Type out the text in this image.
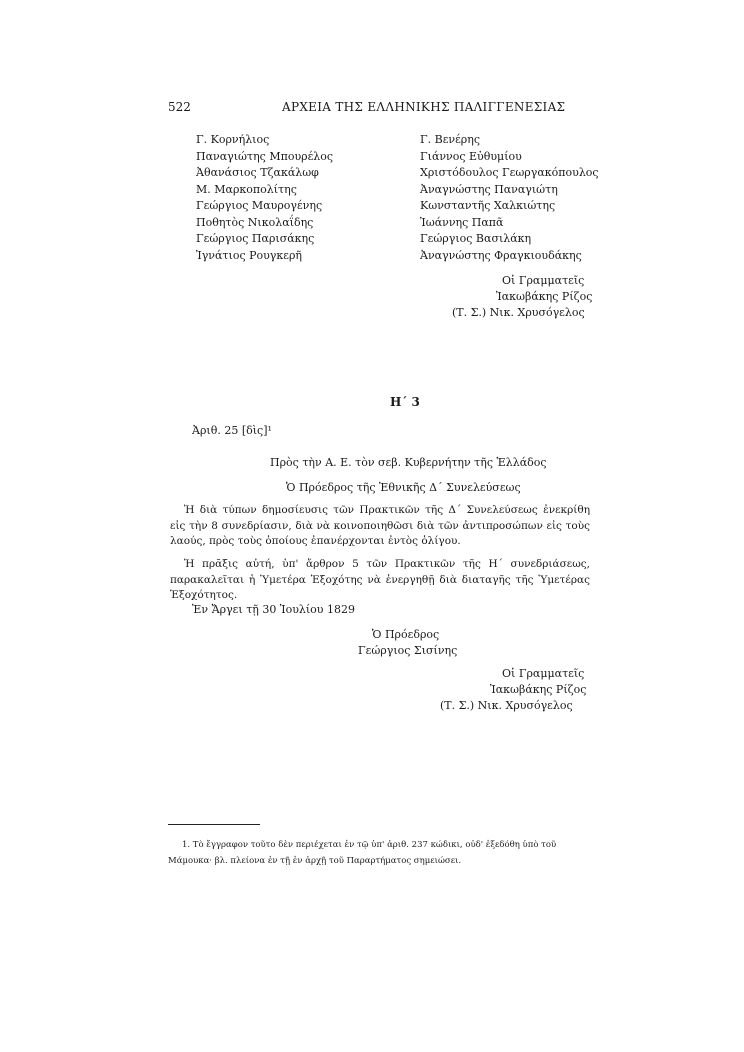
522	ΑΡΧΕΙΑ ΤΗΣ ΕΛΛΗΝΙΚΗΣ ΠΑΛΙΓΓΕΝΕΣΙΑΣ
Γ. Κορνήλιος
Παναγιώτης Μπουρέλος
Ἀθανάσιος Τζακάλωφ
Μ. Μαρκοπολίτης
Γεώργιος Μαυρογένης
Ποθητὸς Νικολαΐδης
Γεώργιος Παρισάκης
Ἰγνάτιος Ρουγκερῆ
Γ. Βενέρης
Γιάννος Εὐθυμίου
Χριστόδουλος Γεωργακόπουλος
Ἀναγνώστης Παναγιώτη
Κωνσταντῆς Χαλκιώτης
Ἰωάννης Παπᾶ
Γεώργιος Βασιλάκη
Ἀναγνώστης Φραγκιουδάκης
Οἱ Γραμματεῖς
Ἰακωβάκης Ρίζος
(Τ. Σ.) Νικ. Χρυσόγελος
Η΄ 3
Ἀριθ. 25 [δὶς]¹
Πρὸς τὴν Α. Ε. τὸν σεβ. Κυβερνήτην τῆς Ἑλλάδος
Ὁ Πρόεδρος τῆς Ἐθνικῆς Δ΄ Συνελεύσεως
Ἡ διὰ τύπων δημοσίευσις τῶν Πρακτικῶν τῆς Δ΄ Συνελεύσεως ἐνεκρίθη εἰς τὴν 8 συνεδρίασιν, διὰ νὰ κοινοποιηθῶσι διὰ τῶν ἀντιπροσώπων εἰς τοὺς λαούς, πρὸς τοὺς ὁποίους ἐπανέρχονται ἐντὸς ὀλίγου.
Ἡ πρᾶξις αὐτή, ὑπ' ἄρθρον 5 τῶν Πρακτικῶν τῆς Η΄ συνεδριάσεως, παρακαλεῖται ἡ Ὑμετέρα Ἐξοχότης νὰ ἐνεργηθῇ διὰ διαταγῆς τῆς Ὑμετέρας Ἐξοχότητος.
Ἐν Ἄργει τῇ 30 Ἰουλίου 1829
Ὁ Πρόεδρος
Γεώργιος Σισίνης
Οἱ Γραμματεῖς
Ἰακωβάκης Ρίζος
(Τ. Σ.) Νικ. Χρυσόγελος
1. Τὸ ἔγγραφον τοῦτο δὲν περιέχεται ἐν τῷ ὑπ' ἀριθ. 237 κώδικι, οὐδ' ἐξεδόθη ὑπὸ τοῦ Μάμουκα· βλ. πλείονα ἐν τῇ ἐν ἀρχῇ τοῦ Παραρτήματος σημειώσει.
